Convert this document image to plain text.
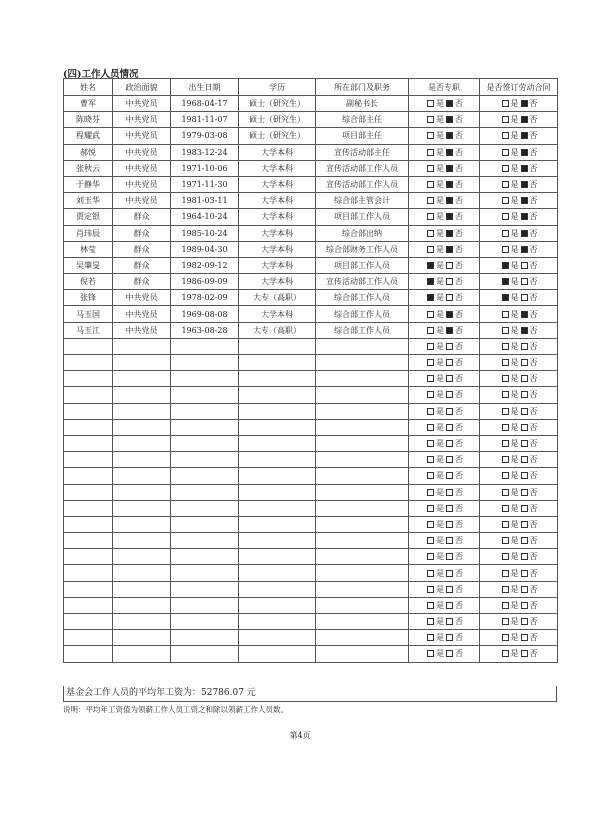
(四)工作人员情况
姓名	政治面貌	出生日期	学历	所在部门及职务	是否专职	是否签订劳动合同
曹军	中共党员	1968-04-17	硕士（研究生）	副秘书长	是 否	是 否
陈晓芬	中共党员	1981-11-07	硕士（研究生）	综合部主任	是 否	是 否
程耀武	中共党员	1979-03-08	硕士（研究生）	项目部主任	是 否	是 否
郝悦	中共党员	1983-12-24	大学本科	宣传活动部主任	是 否	是 否
张秋云	中共党员	1971-10-06	大学本科	宣传活动部工作人员	是 否	是 否
于静华	中共党员	1971-11-30	大学本科	宣传活动部工作人员	是 否	是 否
刘玉华	中共党员	1981-03-11	大学本科	综合部主管会计	是 否	是 否
贾定银	群众	1964-10-24	大学本科	项目部工作人员	是 否	是 否
肖玮辰	群众	1985-10-24	大学本科	综合部出纳	是 否	是 否
林莹	群众	1989-04-30	大学本科	综合部财务工作人员	是 否	是 否
吴肇旻	群众	1982-09-12	大学本科	项目部工作人员	是 否	是 否
倪若	群众	1986-09-09	大学本科	宣传活动部工作人员	是 否	是 否
张锋	中共党员	1978-02-09	大专（高职）	综合部工作人员	是 否	是 否
马玉国	中共党员	1969-08-08	大学本科	综合部工作人员	是 否	是 否
马玉江	中共党员	1963-08-28	大专（高职）	综合部工作人员	是 否	是 否
					是 否	是 否
					是 否	是 否
					是 否	是 否
					是 否	是 否
					是 否	是 否
					是 否	是 否
					是 否	是 否
					是 否	是 否
					是 否	是 否
					是 否	是 否
					是 否	是 否
					是 否	是 否
					是 否	是 否
					是 否	是 否
					是 否	是 否
					是 否	是 否
					是 否	是 否
					是 否	是 否
					是 否	是 否
					是 否	是 否
基金会工作人员的平均年工资为：52786.07 元
说明：平均年工资值为领薪工作人员工资之和除以领薪工作人员数。
第4页
